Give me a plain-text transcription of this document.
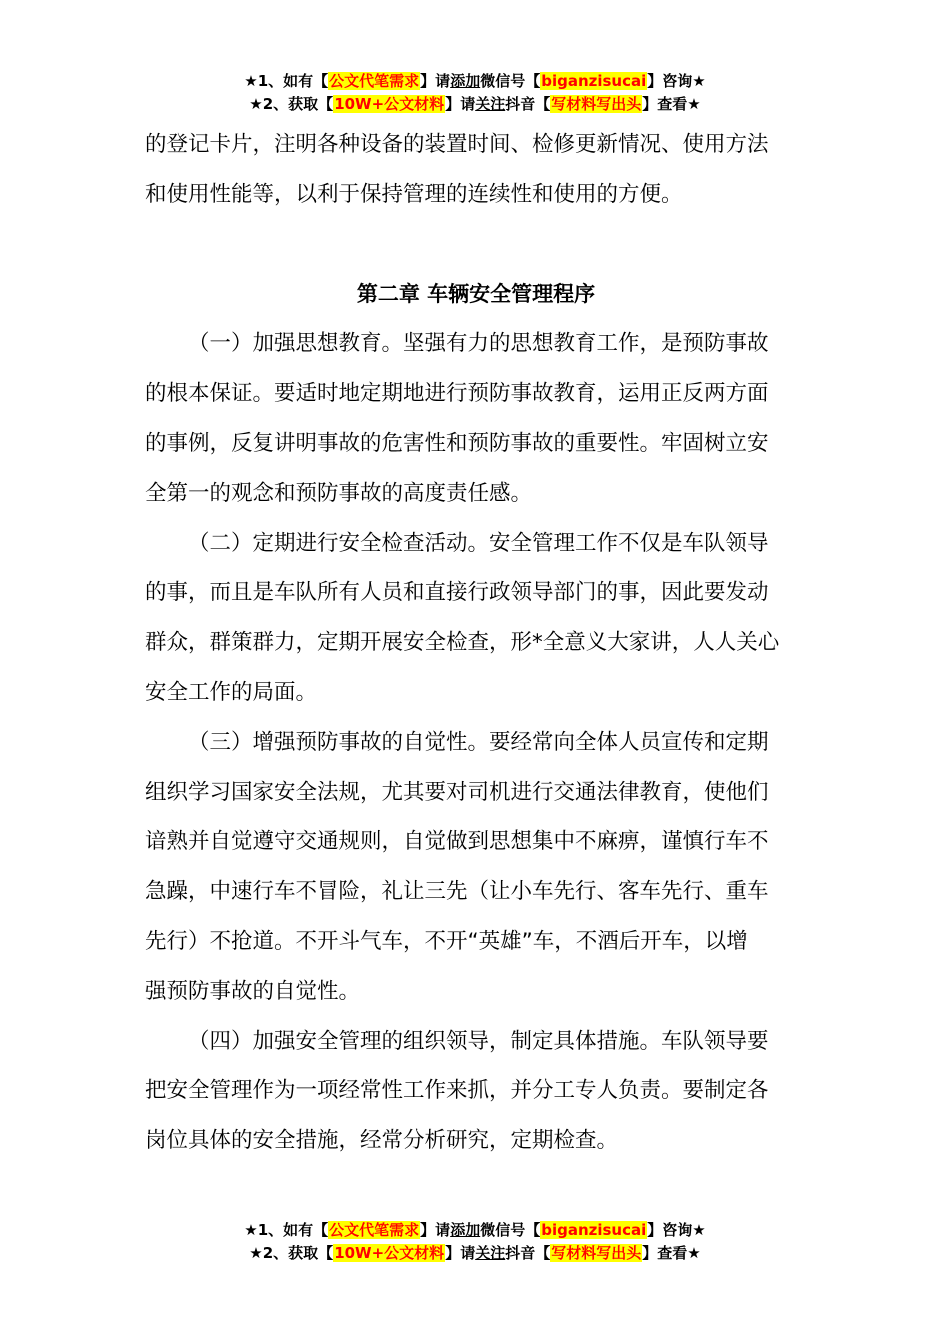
★1、如有【公文代笔需求】请添加微信号【biganzisucai】咨询★
★2、获取【10W+公文材料】请关注抖音【写材料写出头】查看★

的登记卡片，注明各种设备的装置时间、检修更新情况、使用方法
和使用性能等，以利于保持管理的连续性和使用的方便。

第二章 车辆安全管理程序

（一）加强思想教育。坚强有力的思想教育工作，是预防事故
的根本保证。要适时地定期地进行预防事故教育，运用正反两方面
的事例，反复讲明事故的危害性和预防事故的重要性。牢固树立安
全第一的观念和预防事故的高度责任感。

（二）定期进行安全检查活动。安全管理工作不仅是车队领导
的事，而且是车队所有人员和直接行政领导部门的事，因此要发动
群众，群策群力，定期开展安全检查，形*全意义大家讲，人人关心
安全工作的局面。

（三）增强预防事故的自觉性。要经常向全体人员宣传和定期
组织学习国家安全法规，尤其要对司机进行交通法律教育，使他们
谙熟并自觉遵守交通规则，自觉做到思想集中不麻痹，谨慎行车不
急躁，中速行车不冒险，礼让三先（让小车先行、客车先行、重车
先行）不抢道。不开斗气车，不开“英雄”车，不酒后开车，以增
强预防事故的自觉性。

（四）加强安全管理的组织领导，制定具体措施。车队领导要
把安全管理作为一项经常性工作来抓，并分工专人负责。要制定各
岗位具体的安全措施，经常分析研究，定期检查。

★1、如有【公文代笔需求】请添加微信号【biganzisucai】咨询★
★2、获取【10W+公文材料】请关注抖音【写材料写出头】查看★
